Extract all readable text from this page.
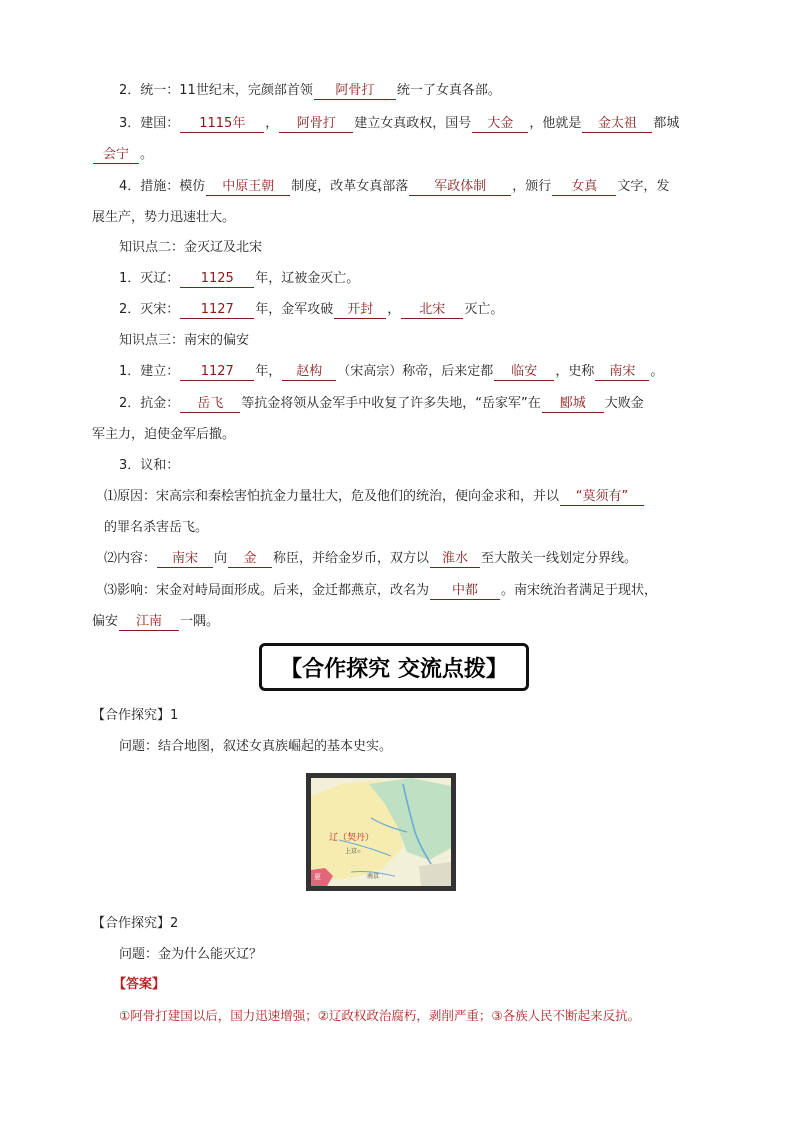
2．统一：11世纪末，完颜部首领 阿骨打 统一了女真各部。
3．建国： 1115年 ， 阿骨打 建立女真政权，国号 大金 ，他就是 金太祖 都城
会宁 。
4．措施：模仿 中原王朝 制度，改革女真部落 军政体制 ，颁行 女真 文字，发
展生产，势力迅速壮大。
知识点二：金灭辽及北宋
1．灭辽： 1125 年，辽被金灭亡。
2．灭宋： 1127 年，金军攻破 开封 ， 北宋 灭亡。
知识点三：南宋的偏安
1．建立： 1127 年， 赵构 （宋高宗）称帝，后来定都 临安 ，史称 南宋 。
2．抗金： 岳飞 等抗金将领从金军手中收复了许多失地，“岳家军”在 郾城 大败金
军主力，迫使金军后撤。
3．议和：
⑴原因：宋高宗和秦桧害怕抗金力量壮大，危及他们的统治，便向金求和，并以 “莫须有”
的罪名杀害岳飞。
⑵内容： 南宋 向 金 称臣，并给金岁币，双方以 淮水 至大散关一线划定分界线。
⑶影响：宋金对峙局面形成。后来，金迁都燕京，改名为 中都 。南宋统治者满足于现状，
偏安 江南 一隅。
【合作探究 交流点拨】
【合作探究】1
问题：结合地图，叙述女真族崛起的基本史实。
辽（契丹）
上京○
南京
夏
【合作探究】2
问题：金为什么能灭辽？
【答案】
①阿骨打建国以后，国力迅速增强；②辽政权政治腐朽，剥削严重；③各族人民不断起来反抗。
